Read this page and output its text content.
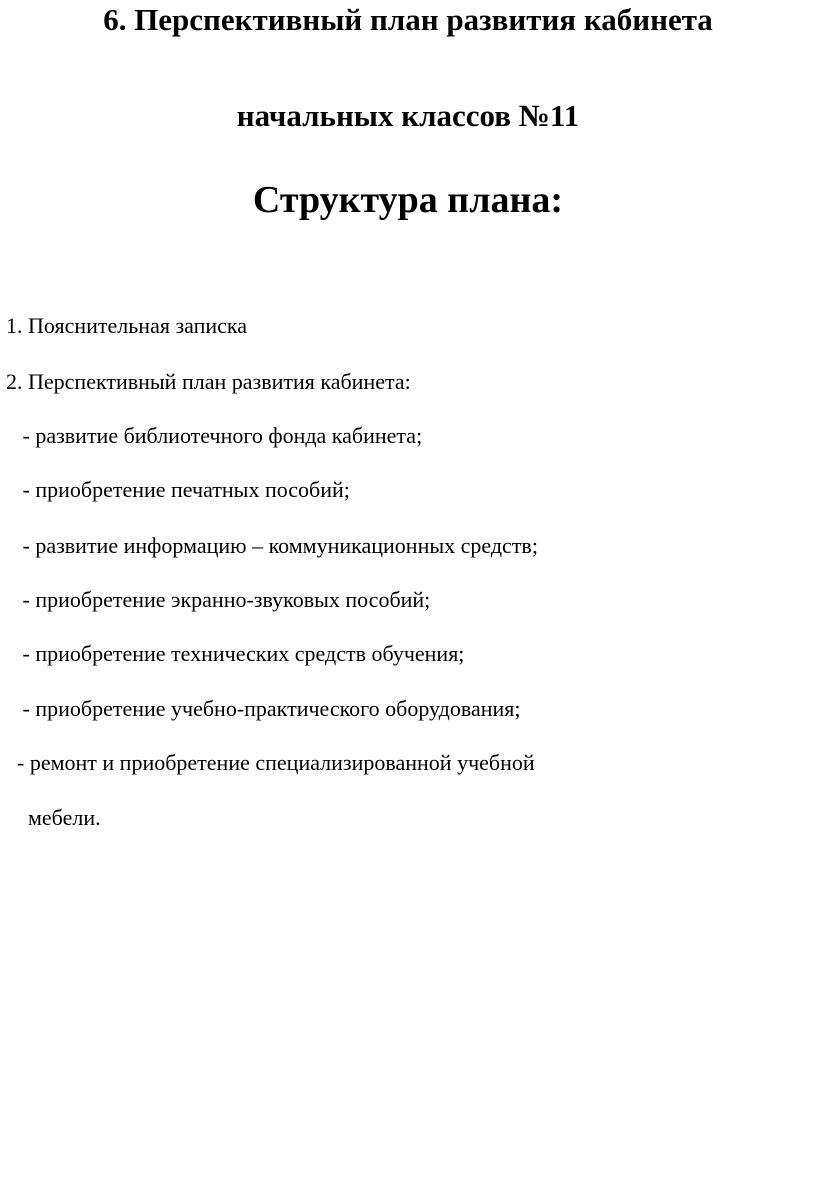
6. Перспективный план развития кабинета
начальных классов №11
Структура плана:
1. Пояснительная записка
2. Перспективный план развития кабинета:
- развитие библиотечного фонда кабинета;
- приобретение печатных пособий;
- развитие информацию – коммуникационных средств;
- приобретение экранно-звуковых пособий;
- приобретение технических средств обучения;
- приобретение учебно-практического оборудования;
- ремонт и приобретение специализированной учебной
мебели.
